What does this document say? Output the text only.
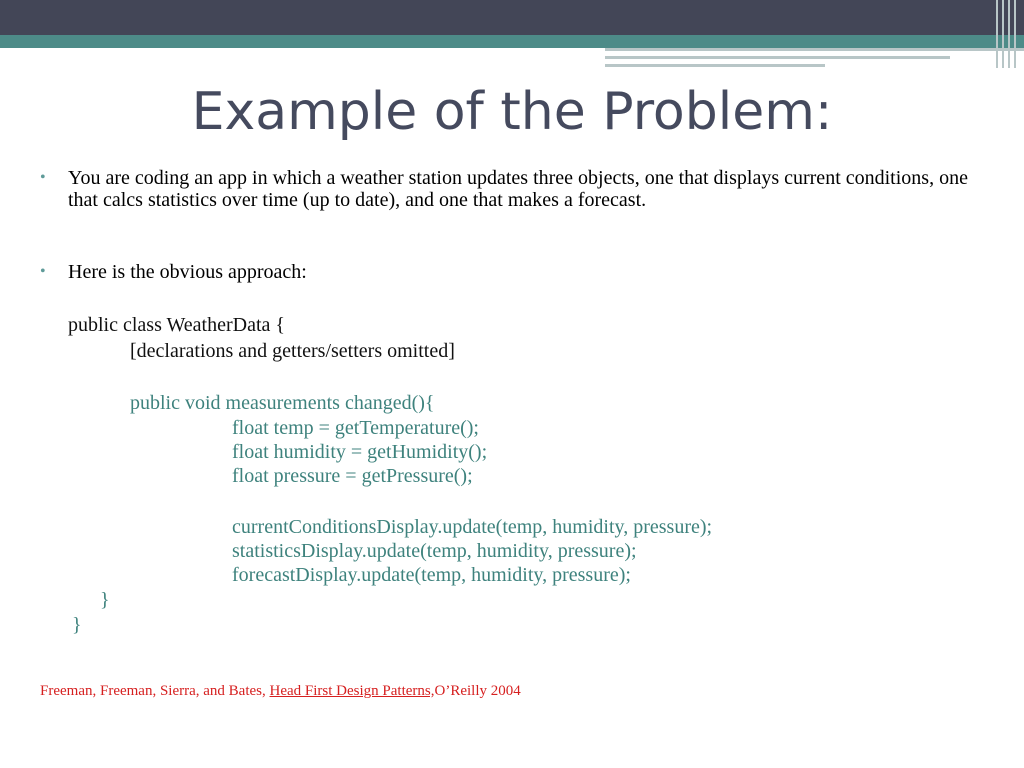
Example of the Problem:
• You are coding an app in which a weather station updates three objects, one that displays current conditions, one that calcs statistics over time (up to date), and one that makes a forecast.
• Here is the obvious approach:
public class WeatherData {
[declarations and getters/setters omitted]
public void measurements changed(){
float temp = getTemperature();
float humidity = getHumidity();
float pressure = getPressure();
currentConditionsDisplay.update(temp, humidity, pressure);
statisticsDisplay.update(temp, humidity, pressure);
forecastDisplay.update(temp, humidity, pressure);
}
}
Freeman, Freeman, Sierra, and Bates, Head First Design Patterns,O’Reilly 2004
